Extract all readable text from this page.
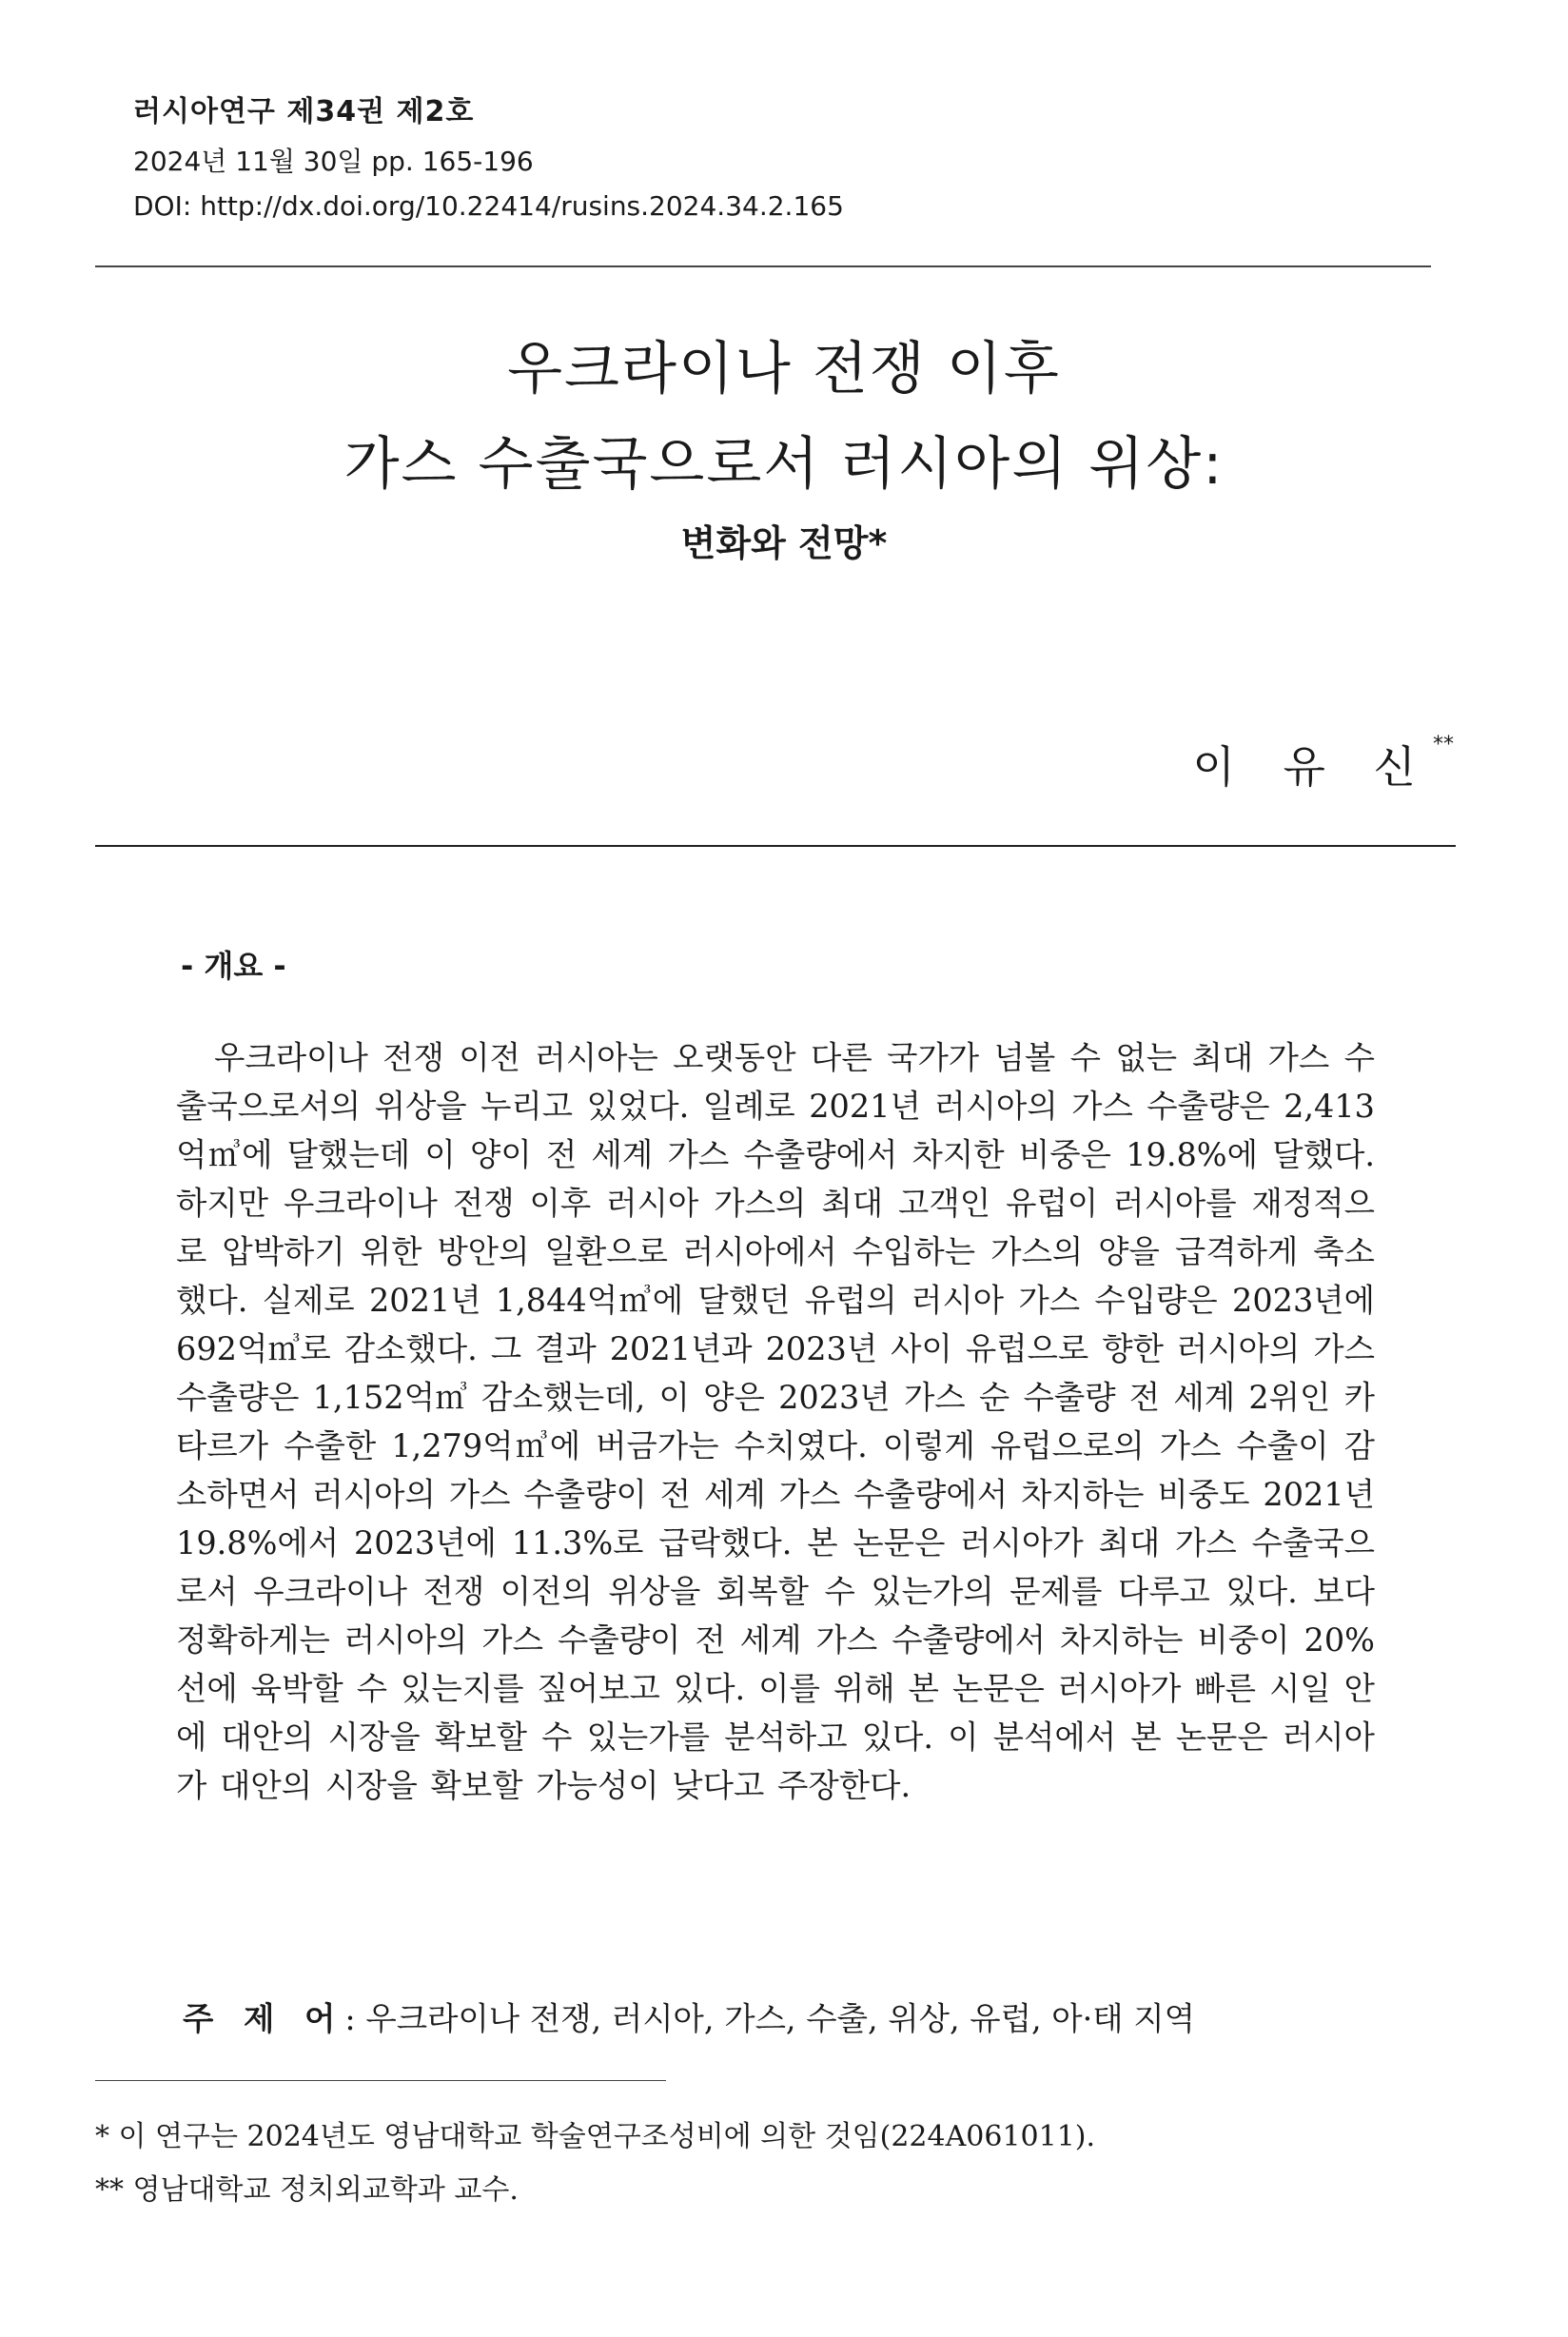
러시아연구 제34권 제2호
2024년 11월 30일 pp. 165-196
DOI: http://dx.doi.org/10.22414/rusins.2024.34.2.165
우크라이나 전쟁 이후
가스 수출국으로서 러시아의 위상:
변화와 전망*
이 유 신**
- 개요 -
우크라이나 전쟁 이전 러시아는 오랫동안 다른 국가가 넘볼 수 없는 최대 가스 수출국으로서의 위상을 누리고 있었다. 일례로 2021년 러시아의 가스 수출량은 2,413억㎥에 달했는데 이 양이 전 세계 가스 수출량에서 차지한 비중은 19.8%에 달했다. 하지만 우크라이나 전쟁 이후 러시아 가스의 최대 고객인 유럽이 러시아를 재정적으로 압박하기 위한 방안의 일환으로 러시아에서 수입하는 가스의 양을 급격하게 축소했다. 실제로 2021년 1,844억㎥에 달했던 유럽의 러시아 가스 수입량은 2023년에 692억㎥로 감소했다. 그 결과 2021년과 2023년 사이 유럽으로 향한 러시아의 가스 수출량은 1,152억㎥ 감소했는데, 이 양은 2023년 가스 순 수출량 전 세계 2위인 카타르가 수출한 1,279억㎥에 버금가는 수치였다. 이렇게 유럽으로의 가스 수출이 감소하면서 러시아의 가스 수출량이 전 세계 가스 수출량에서 차지하는 비중도 2021년 19.8%에서 2023년에 11.3%로 급락했다. 본 논문은 러시아가 최대 가스 수출국으로서 우크라이나 전쟁 이전의 위상을 회복할 수 있는가의 문제를 다루고 있다. 보다 정확하게는 러시아의 가스 수출량이 전 세계 가스 수출량에서 차지하는 비중이 20%선에 육박할 수 있는지를 짚어보고 있다. 이를 위해 본 논문은 러시아가 빠른 시일 안에 대안의 시장을 확보할 수 있는가를 분석하고 있다. 이 분석에서 본 논문은 러시아가 대안의 시장을 확보할 가능성이 낮다고 주장한다.
주 제 어: 우크라이나 전쟁, 러시아, 가스, 수출, 위상, 유럽, 아·태 지역
* 이 연구는 2024년도 영남대학교 학술연구조성비에 의한 것임(224A061011).
** 영남대학교 정치외교학과 교수.
